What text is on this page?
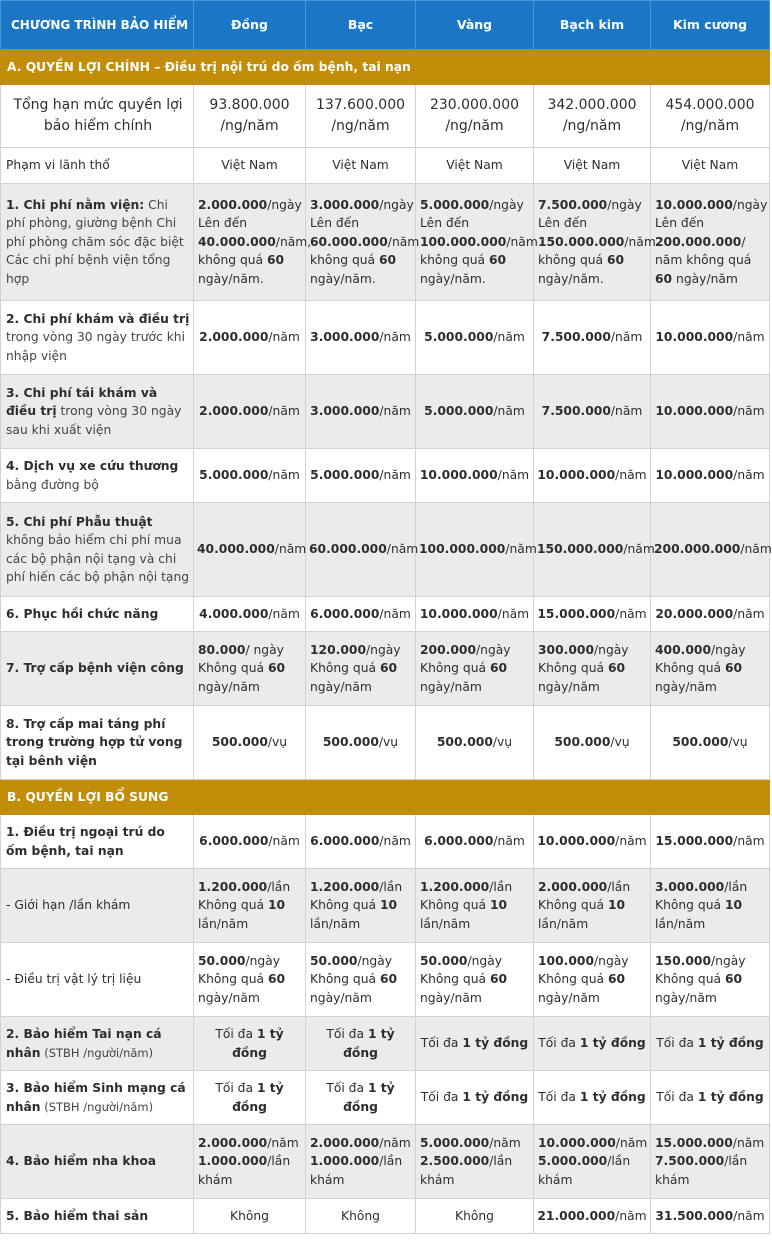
CHƯƠNG TRÌNH BẢO HIỂM	Đồng	Bạc	Vàng	Bạch kim	Kim cương
A. QUYỀN LỢI CHÍNH – Điều trị nội trú do ốm bệnh, tai nạn					
Tổng hạn mức quyền lợi bảo hiểm chính	93.800.000 /ng/năm	137.600.000 /ng/năm	230.000.000 /ng/năm	342.000.000 /ng/năm	454.000.000 /ng/năm
Phạm vi lãnh thổ	Việt Nam	Việt Nam	Việt Nam	Việt Nam	Việt Nam
1. Chi phí nằm viện: Chi phí phòng, giường bệnh Chi phí phòng chăm sóc đặc biệt Các chi phí bệnh viện tổng hợp	2.000.000/ngày Lên đến 40.000.000/năm, không quá 60 ngày/năm.	3.000.000/ngày Lên đến 60.000.000/năm không quá 60 ngày/năm.	5.000.000/ngày Lên đến 100.000.000/năm không quá 60 ngày/năm.	7.500.000/ngày Lên đến 150.000.000/năm không quá 60 ngày/năm.	10.000.000/ngày Lên đến 200.000.000/ năm không quá 60 ngày/năm
2. Chi phí khám và điều trị trong vòng 30 ngày trước khi nhập viện	2.000.000/năm	3.000.000/năm	5.000.000/năm	7.500.000/năm	10.000.000/năm
3. Chi phí tái khám và điều trị trong vòng 30 ngày sau khi xuất viện	2.000.000/năm	3.000.000/năm	5.000.000/năm	7.500.000/năm	10.000.000/năm
4. Dịch vụ xe cứu thương bằng đường bộ	5.000.000/năm	5.000.000/năm	10.000.000/năm	10.000.000/năm	10.000.000/năm
5. Chi phí Phẫu thuật không bảo hiểm chi phí mua các bộ phận nội tạng và chi phí hiến các bộ phận nội tạng	40.000.000/năm	60.000.000/năm	100.000.000/năm	150.000.000/năm	200.000.000/năm
6. Phục hồi chức năng	4.000.000/năm	6.000.000/năm	10.000.000/năm	15.000.000/năm	20.000.000/năm
7. Trợ cấp bệnh viện công	80.000/ ngày Không quá 60 ngày/năm	120.000/ngày Không quá 60 ngày/năm	200.000/ngày Không quá 60 ngày/năm	300.000/ngày Không quá 60 ngày/năm	400.000/ngày Không quá 60 ngày/năm
8. Trợ cấp mai táng phí trong trường hợp tử vong tại bênh viện	500.000/vụ	500.000/vụ	500.000/vụ	500.000/vụ	500.000/vụ
B. QUYỀN LỢI BỔ SUNG					
1. Điều trị ngoại trú do ốm bệnh, tai nạn	6.000.000/năm	6.000.000/năm	6.000.000/năm	10.000.000/năm	15.000.000/năm
- Giới hạn /lần khám	1.200.000/lần Không quá 10 lần/năm	1.200.000/lần Không quá 10 lần/năm	1.200.000/lần Không quá 10 lần/năm	2.000.000/lần Không quá 10 lần/năm	3.000.000/lần Không quá 10 lần/năm
- Điều trị vật lý trị liệu	50.000/ngày Không quá 60 ngày/năm	50.000/ngày Không quá 60 ngày/năm	50.000/ngày Không quá 60 ngày/năm	100.000/ngày Không quá 60 ngày/năm	150.000/ngày Không quá 60 ngày/năm
2. Bảo hiểm Tai nạn cá nhân (STBH /người/năm)	Tối đa 1 tỷ đồng	Tối đa 1 tỷ đồng	Tối đa 1 tỷ đồng	Tối đa 1 tỷ đồng	Tối đa 1 tỷ đồng
3. Bảo hiểm Sinh mạng cá nhân (STBH /người/năm)	Tối đa 1 tỷ đồng	Tối đa 1 tỷ đồng	Tối đa 1 tỷ đồng	Tối đa 1 tỷ đồng	Tối đa 1 tỷ đồng
4. Bảo hiểm nha khoa	2.000.000/năm 1.000.000/lần khám	2.000.000/năm 1.000.000/lần khám	5.000.000/năm 2.500.000/lần khám	10.000.000/năm 5.000.000/lần khám	15.000.000/năm 7.500.000/lần khám
5. Bảo hiểm thai sản	Không	Không	Không	21.000.000/năm	31.500.000/năm
